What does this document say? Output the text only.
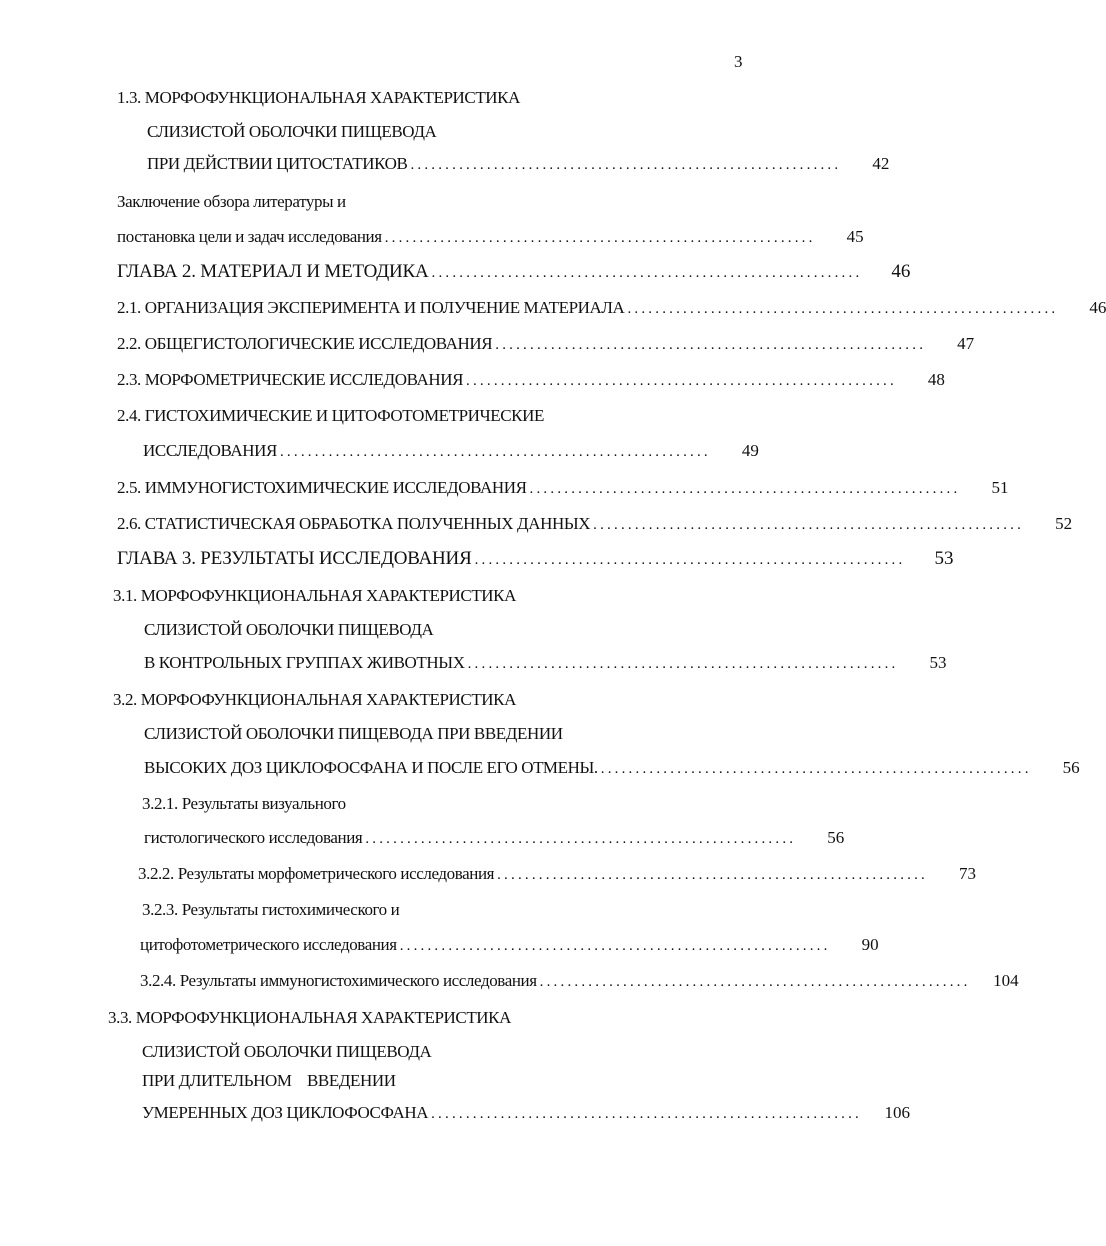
3
1.3. МОРФОФУНКЦИОНАЛЬНАЯ ХАРАКТЕРИСТИКА
СЛИЗИСТОЙ ОБОЛОЧКИ ПИЩЕВОДА
ПРИ ДЕЙСТВИИ ЦИТОСТАТИКОВ ..............................................................	42
Заключение обзора литературы и
постановка цели и задач исследования ..............................................................	45
ГЛАВА 2. МАТЕРИАЛ И МЕТОДИКА ..............................................................	46
2.1. ОРГАНИЗАЦИЯ ЭКСПЕРИМЕНТА И ПОЛУЧЕНИЕ МАТЕРИАЛА ..............................................................	46
2.2. ОБЩЕГИСТОЛОГИЧЕСКИЕ ИССЛЕДОВАНИЯ ..............................................................	47
2.3. МОРФОМЕТРИЧЕСКИЕ ИССЛЕДОВАНИЯ ..............................................................	48
2.4. ГИСТОХИМИЧЕСКИЕ И ЦИТОФОТОМЕТРИЧЕСКИЕ
ИССЛЕДОВАНИЯ ..............................................................	49
2.5. ИММУНОГИСТОХИМИЧЕСКИЕ ИССЛЕДОВАНИЯ ..............................................................	51
2.6. СТАТИСТИЧЕСКАЯ ОБРАБОТКА ПОЛУЧЕННЫХ ДАННЫХ ..............................................................	52
ГЛАВА 3. РЕЗУЛЬТАТЫ ИССЛЕДОВАНИЯ ..............................................................	53
3.1. МОРФОФУНКЦИОНАЛЬНАЯ ХАРАКТЕРИСТИКА
СЛИЗИСТОЙ ОБОЛОЧКИ ПИЩЕВОДА
В КОНТРОЛЬНЫХ ГРУППАХ ЖИВОТНЫХ ..............................................................	53
3.2. МОРФОФУНКЦИОНАЛЬНАЯ ХАРАКТЕРИСТИКА
СЛИЗИСТОЙ ОБОЛОЧКИ ПИЩЕВОДА ПРИ ВВЕДЕНИИ
ВЫСОКИХ ДОЗ ЦИКЛОФОСФАНА И ПОСЛЕ ЕГО ОТМЕНЫ. ..............................................................	56
3.2.1. Результаты визуального
гистологического исследования ..............................................................	56
3.2.2. Результаты морфометрического исследования ..............................................................	73
3.2.3. Результаты гистохимического и
цитофотометрического исследования ..............................................................	90
3.2.4. Результаты иммуногистохимического исследования ..............................................................	104
3.3. МОРФОФУНКЦИОНАЛЬНАЯ ХАРАКТЕРИСТИКА
СЛИЗИСТОЙ ОБОЛОЧКИ ПИЩЕВОДА
ПРИ ДЛИТЕЛЬНОМ    ВВЕДЕНИИ
УМЕРЕННЫХ ДОЗ ЦИКЛОФОСФАНА ..............................................................	106
